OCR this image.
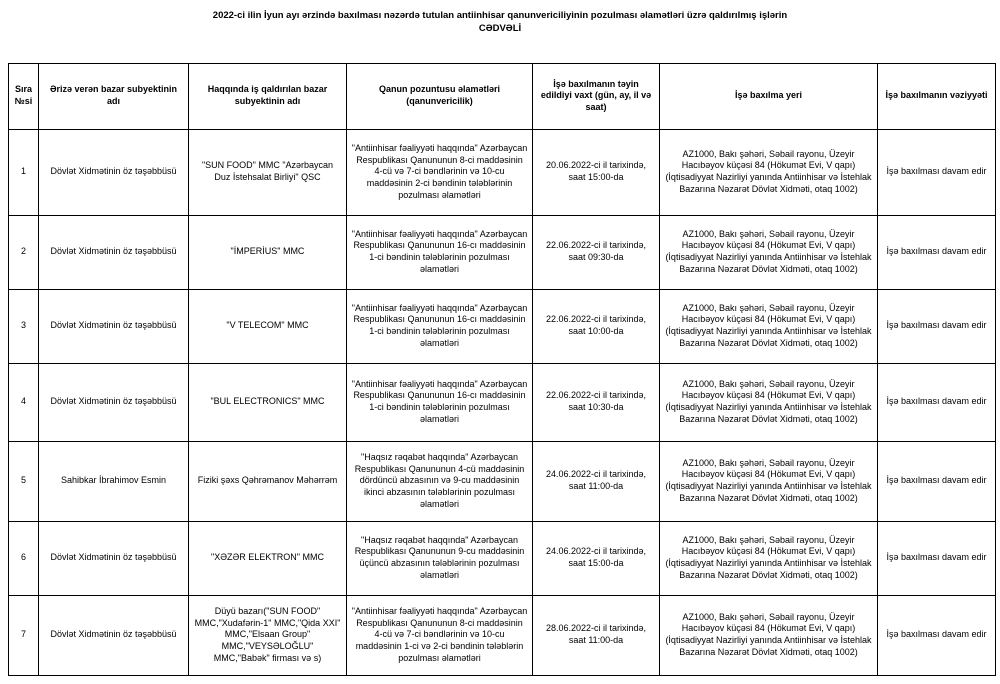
2022-ci ilin İyun ayı ərzində baxılması nəzərdə tutulan antiinhisar qanunvericiliyinin pozulması əlamətləri üzrə qaldırılmış işlərin
CƏDVƏLİ
Sıra №si	Ərizə verən bazar subyektinin adı	Haqqında iş qaldırılan bazar subyektinin adı	Qanun pozuntusu əlamətləri (qanunvericilik)	İşə baxılmanın təyin edildiyi vaxt (gün, ay, il və saat)	İşə baxılma yeri	İşə baxılmanın vəziyyəti
1	Dövlət Xidmətinin öz təşəbbüsü	"SUN FOOD" MMC "Azərbaycan Duz İstehsalat Birliyi" QSC	"Antiinhisar fəaliyyəti haqqında" Azərbaycan Respublikası Qanununun 8-ci maddəsinin 4-cü və 7-ci bəndlərinin və 10-cu maddəsinin 2-ci bəndinin tələblərinin pozulması əlamətləri	20.06.2022-ci il tarixində, saat 15:00-da	AZ1000, Bakı şəhəri, Səbail rayonu, Üzeyir Hacıbəyov küçəsi 84 (Hökumət Evi, V qapı) (İqtisadiyyat Nazirliyi yanında Antiinhisar və İstehlak Bazarına Nəzarət Dövlət Xidməti, otaq 1002)	İşə baxılması davam edir
2	Dövlət Xidmətinin öz təşəbbüsü	"İMPERİUS" MMC	"Antiinhisar fəaliyyəti haqqında" Azərbaycan Respublikası Qanununun 16-cı maddəsinin 1-ci bəndinin tələblərinin pozulması əlamətləri	22.06.2022-ci il tarixində, saat 09:30-da	AZ1000, Bakı şəhəri, Səbail rayonu, Üzeyir Hacıbəyov küçəsi 84 (Hökumət Evi, V qapı) (İqtisadiyyat Nazirliyi yanında Antiinhisar və İstehlak Bazarına Nəzarət Dövlət Xidməti, otaq 1002)	İşə baxılması davam edir
3	Dövlət Xidmətinin öz təşəbbüsü	"V TELECOM" MMC	"Antiinhisar fəaliyyəti haqqında" Azərbaycan Respublikası Qanununun 16-cı maddəsinin 1-ci bəndinin tələblərinin pozulması əlamətləri	22.06.2022-ci il tarixində, saat 10:00-da	AZ1000, Bakı şəhəri, Səbail rayonu, Üzeyir Hacıbəyov küçəsi 84 (Hökumət Evi, V qapı) (İqtisadiyyat Nazirliyi yanında Antiinhisar və İstehlak Bazarına Nəzarət Dövlət Xidməti, otaq 1002)	İşə baxılması davam edir
4	Dövlət Xidmətinin öz təşəbbüsü	"BUL ELECTRONICS" MMC	"Antiinhisar fəaliyyəti haqqında" Azərbaycan Respublikası Qanununun 16-cı maddəsinin 1-ci bəndinin tələblərinin pozulması əlamətləri	22.06.2022-ci il tarixində, saat 10:30-da	AZ1000, Bakı şəhəri, Səbail rayonu, Üzeyir Hacıbəyov küçəsi 84 (Hökumət Evi, V qapı) (İqtisadiyyat Nazirliyi yanında Antiinhisar və İstehlak Bazarına Nəzarət Dövlət Xidməti, otaq 1002)	İşə baxılması davam edir
5	Sahibkar İbrahimov Esmin	Fiziki şəxs Qəhrəmanov Məhərrəm	"Haqsız rəqabət haqqında" Azərbaycan Respublikası Qanununun 4-cü maddəsinin dördüncü abzasının və 9-cu maddəsinin ikinci abzasının tələblərinin pozulması əlamətləri	24.06.2022-ci il tarixində, saat 11:00-da	AZ1000, Bakı şəhəri, Səbail rayonu, Üzeyir Hacıbəyov küçəsi 84 (Hökumət Evi, V qapı) (İqtisadiyyat Nazirliyi yanında Antiinhisar və İstehlak Bazarına Nəzarət Dövlət Xidməti, otaq 1002)	İşə baxılması davam edir
6	Dövlət Xidmətinin öz təşəbbüsü	"XƏZƏR ELEKTRON" MMC	"Haqsız rəqabət haqqında" Azərbaycan Respublikası Qanununun 9-cu maddəsinin üçüncü abzasının tələblərinin pozulması əlamətləri	24.06.2022-ci il tarixində, saat 15:00-da	AZ1000, Bakı şəhəri, Səbail rayonu, Üzeyir Hacıbəyov küçəsi 84 (Hökumət Evi, V qapı) (İqtisadiyyat Nazirliyi yanında Antiinhisar və İstehlak Bazarına Nəzarət Dövlət Xidməti, otaq 1002)	İşə baxılması davam edir
7	Dövlət Xidmətinin öz təşəbbüsü	Düyü bazarı("SUN FOOD" MMC,"Xudafərin-1" MMC,"Qida XXI" MMC,"Elsaan Group" MMC,"VEYSƏLOĞLU" MMC,"Babək" firması və s)	"Antiinhisar fəaliyyəti haqqında" Azərbaycan Respublikası Qanununun 8-ci maddəsinin 4-cü və 7-ci bəndlərinin və 10-cu maddəsinin 1-ci və 2-ci bəndinin tələblərin pozulması əlamətləri	28.06.2022-ci il tarixində, saat 11:00-da	AZ1000, Bakı şəhəri, Səbail rayonu, Üzeyir Hacıbəyov küçəsi 84 (Hökumət Evi, V qapı) (İqtisadiyyat Nazirliyi yanında Antiinhisar və İstehlak Bazarına Nəzarət Dövlət Xidməti, otaq 1002)	İşə baxılması davam edir
